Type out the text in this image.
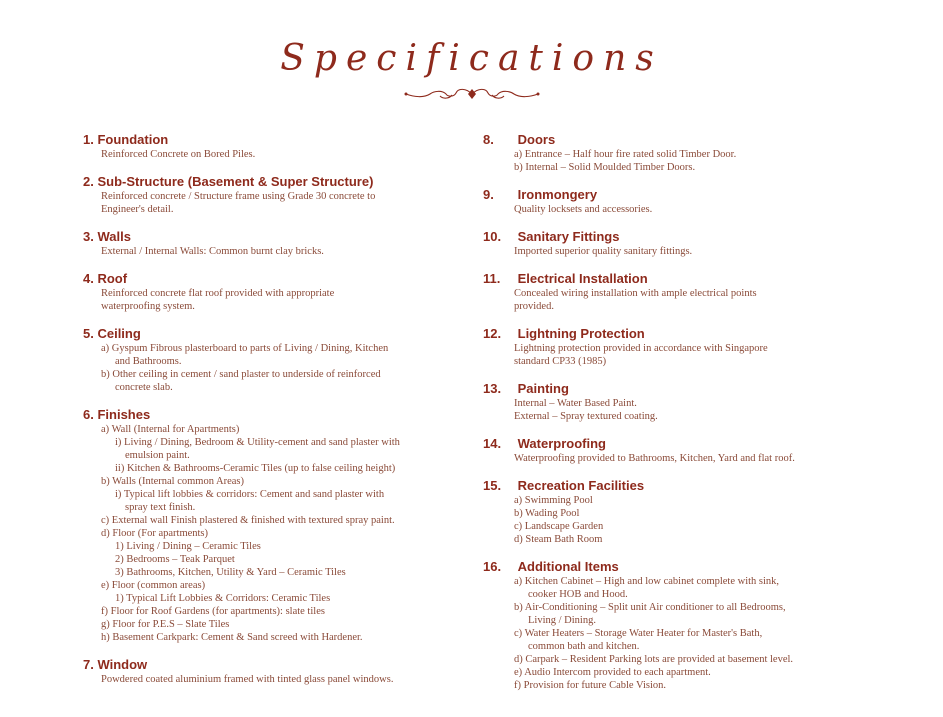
Specifications
1. Foundation
Reinforced Concrete on Bored Piles.
2. Sub-Structure (Basement & Super Structure)
Reinforced concrete / Structure frame using Grade 30 concrete to
Engineer's detail.
3. Walls
External / Internal Walls: Common burnt clay bricks.
4. Roof
Reinforced concrete flat roof provided with appropriate
waterproofing system.
5. Ceiling
a) Gyspum Fibrous plasterboard to parts of Living / Dining, Kitchen
and Bathrooms.
b) Other ceiling in cement / sand plaster to underside of reinforced
concrete slab.
6. Finishes
a) Wall (Internal for Apartments)
i) Living / Dining, Bedroom & Utility-cement and sand plaster with
emulsion paint.
ii) Kitchen & Bathrooms-Ceramic Tiles (up to false ceiling height)
b) Walls (Internal common Areas)
i) Typical lift lobbies & corridors: Cement and sand plaster with
spray text finish.
c) External wall Finish plastered & finished with textured spray paint.
d) Floor (For apartments)
1) Living / Dining – Ceramic Tiles
2) Bedrooms – Teak Parquet
3) Bathrooms, Kitchen, Utility & Yard – Ceramic Tiles
e) Floor (common areas)
1) Typical Lift Lobbies & Corridors: Ceramic Tiles
f) Floor for Roof Gardens (for apartments): slate tiles
g) Floor for P.E.S – Slate Tiles
h) Basement Carkpark: Cement & Sand screed with Hardener.
7. Window
Powdered coated aluminium framed with tinted glass panel windows.
8. Doors
a) Entrance – Half hour fire rated solid Timber Door.
b) Internal – Solid Moulded Timber Doors.
9. Ironmongery
Quality locksets and accessories.
10. Sanitary Fittings
Imported superior quality sanitary fittings.
11. Electrical Installation
Concealed wiring installation with ample electrical points
provided.
12. Lightning Protection
Lightning protection provided in accordance with Singapore
standard CP33 (1985)
13. Painting
Internal – Water Based Paint.
External – Spray textured coating.
14. Waterproofing
Waterproofing provided to Bathrooms, Kitchen, Yard and flat roof.
15. Recreation Facilities
a) Swimming Pool
b) Wading Pool
c) Landscape Garden
d) Steam Bath Room
16. Additional Items
a) Kitchen Cabinet – High and low cabinet complete with sink,
cooker HOB and Hood.
b) Air-Conditioning – Split unit Air conditioner to all Bedrooms,
Living / Dining.
c) Water Heaters – Storage Water Heater for Master's Bath,
common bath and kitchen.
d) Carpark – Resident Parking lots are provided at basement level.
e) Audio Intercom provided to each apartment.
f) Provision for future Cable Vision.
